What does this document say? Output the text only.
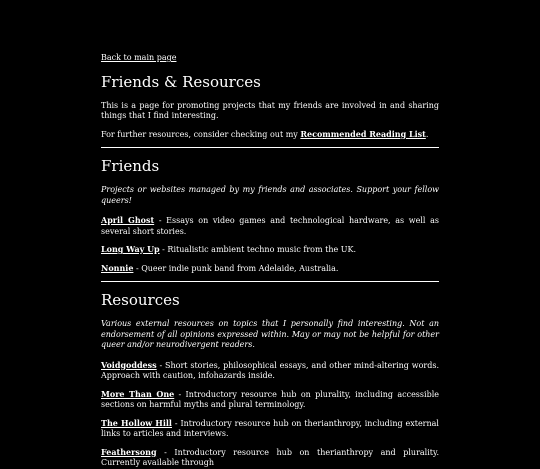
Back to main page
Friends & Resources

This is a page for promoting projects that my friends are involved in and sharing things that I find interesting.

For further resources, consider checking out my Recommended Reading List.

Friends

Projects or websites managed by my friends and associates. Support your fellow queers!

April Ghost - Essays on video games and technological hardware, as well as several short stories.
Long Way Up - Ritualistic ambient techno music from the UK.
Nonnie - Queer indie punk band from Adelaide, Australia.
Resources

Various external resources on topics that I personally find interesting. Not an endorsement of all opinions expressed within. May or may not be helpful for other queer and/or neurodivergent readers.

Voidgoddess - Short stories, philosophical essays, and other mind-altering words. Approach with caution, infohazards inside.
More Than One - Introductory resource hub on plurality, including accessible sections on harmful myths and plural terminology.
The Hollow Hill - Introductory resource hub on therianthropy, including external links to articles and interviews.
Feathersong - Introductory resource hub on therianthropy and plurality. Currently available through
